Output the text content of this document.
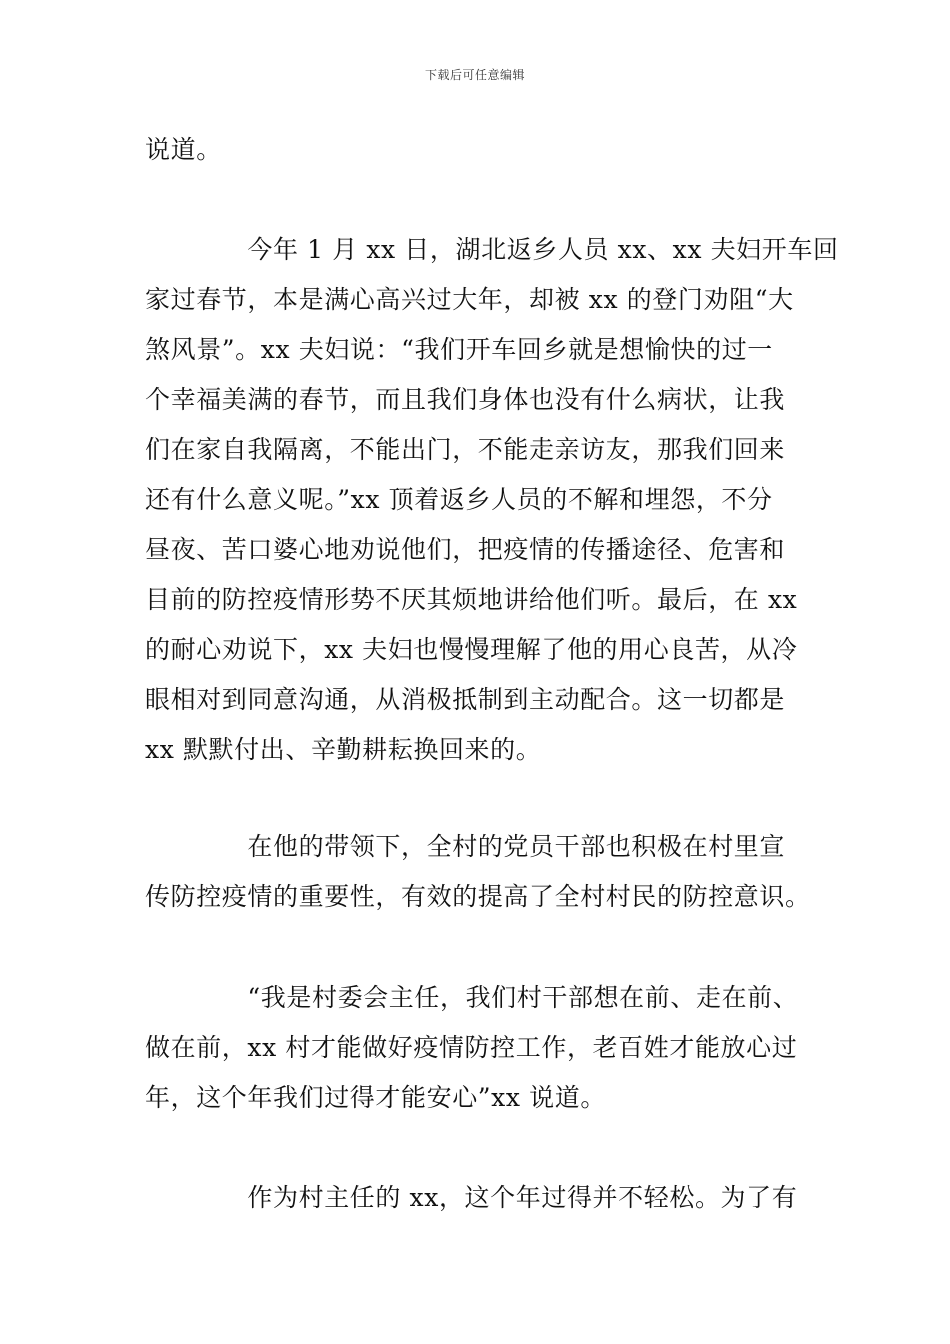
下载后可任意编辑
说道。
　　　　今年 1 月 xx 日，湖北返乡人员 xx、xx 夫妇开车回
家过春节，本是满心高兴过大年，却被 xx 的登门劝阻“大
煞风景”。xx 夫妇说：“我们开车回乡就是想愉快的过一
个幸福美满的春节，而且我们身体也没有什么病状，让我
们在家自我隔离，不能出门，不能走亲访友，那我们回来
还有什么意义呢。”xx 顶着返乡人员的不解和埋怨，不分
昼夜、苦口婆心地劝说他们，把疫情的传播途径、危害和
目前的防控疫情形势不厌其烦地讲给他们听。最后，在 xx
的耐心劝说下，xx 夫妇也慢慢理解了他的用心良苦，从冷
眼相对到同意沟通，从消极抵制到主动配合。这一切都是
xx 默默付出、辛勤耕耘换回来的。
　　　　在他的带领下，全村的党员干部也积极在村里宣
传防控疫情的重要性，有效的提高了全村村民的防控意识。
　　　　“我是村委会主任，我们村干部想在前、走在前、
做在前，xx 村才能做好疫情防控工作，老百姓才能放心过
年，这个年我们过得才能安心”xx 说道。
　　　　作为村主任的 xx，这个年过得并不轻松。为了有
